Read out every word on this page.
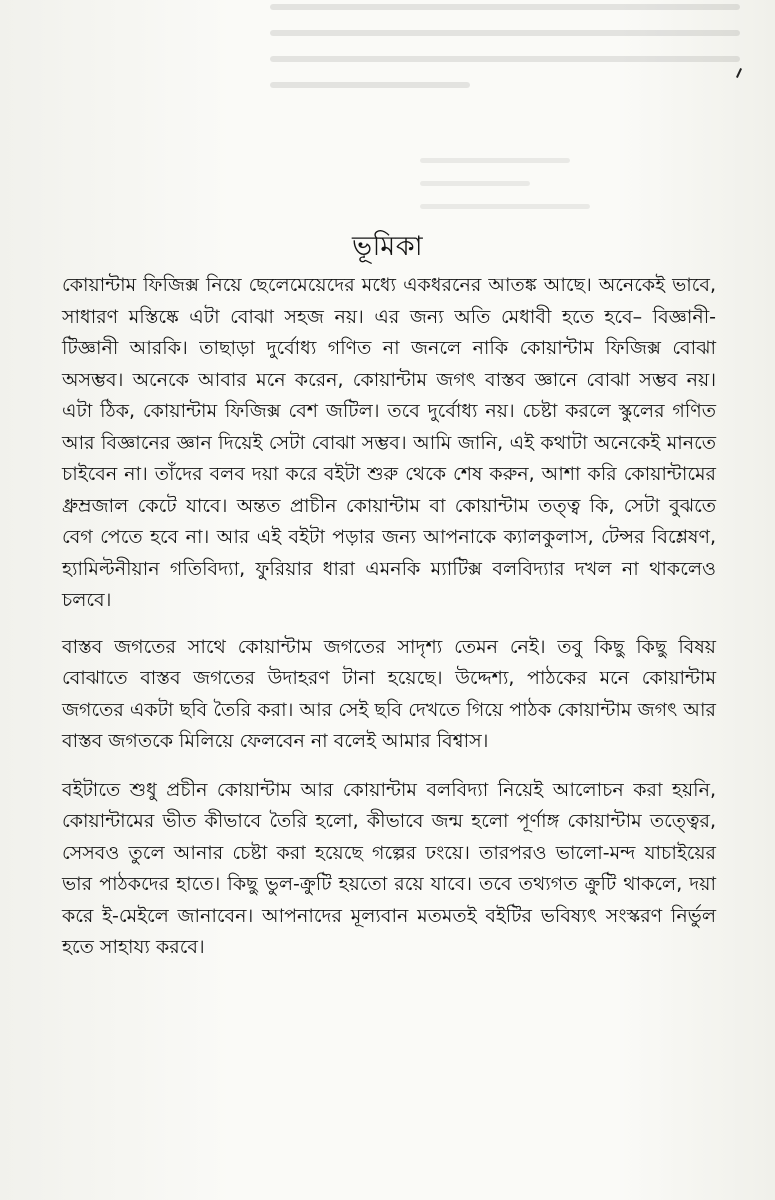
ভূমিকা

কোয়ান্টাম ফিজিক্স নিয়ে ছেলেমেয়েদের মধ্যে একধরনের আতঙ্ক আছে। অনেকেই ভাবে, সাধারণ মস্তিষ্কে এটা বোঝা সহজ নয়। এর জন্য অতি মেধাবী হতে হবে– বিজ্ঞানী-টিজ্ঞানী আরকি। তাছাড়া দুর্বোধ্য গণিত না জনলে নাকি কোয়ান্টাম ফিজিক্স বোঝা অসম্ভব। অনেকে আবার মনে করেন, কোয়ান্টাম জগৎ বাস্তব জ্ঞানে বোঝা সম্ভব নয়। এটা ঠিক, কোয়ান্টাম ফিজিক্স বেশ জটিল। তবে দুর্বোধ্য নয়। চেষ্টা করলে স্কুলের গণিত আর বিজ্ঞানের জ্ঞান দিয়েই সেটা বোঝা সম্ভব। আমি জানি, এই কথাটা অনেকেই মানতে চাইবেন না। তাঁদের বলব দয়া করে বইটা শুরু থেকে শেষ করুন, আশা করি কোয়ান্টামের ধ্রুম্রজাল কেটে যাবে। অন্তত প্রাচীন কোয়ান্টাম বা কোয়ান্টাম তত্ত্ব কি, সেটা বুঝতে বেগ পেতে হবে না। আর এই বইটা পড়ার জন্য আপনাকে ক্যালকুলাস, টেন্সর বিশ্লেষণ, হ্যামিল্টনীয়ান গতিবিদ্যা, ফুরিয়ার ধারা এমনকি ম্যাটিক্স বলবিদ্যার দখল না থাকলেও চলবে।

বাস্তব জগতের সাথে কোয়ান্টাম জগতের সাদৃশ্য তেমন নেই। তবু কিছু কিছু বিষয় বোঝাতে বাস্তব জগতের উদাহরণ টানা হয়েছে। উদ্দেশ্য, পাঠকের মনে কোয়ান্টাম জগতের একটা ছবি তৈরি করা। আর সেই ছবি দেখতে গিয়ে পাঠক কোয়ান্টাম জগৎ আর বাস্তব জগতকে মিলিয়ে ফেলবেন না বলেই আমার বিশ্বাস।

বইটাতে শুধু প্রচীন কোয়ান্টাম আর কোয়ান্টাম বলবিদ্যা নিয়েই আলোচন করা হয়নি, কোয়ান্টামের ভীত কীভাবে তৈরি হলো, কীভাবে জন্ম হলো পূর্ণাঙ্গ কোয়ান্টাম তত্ত্বের, সেসবও তুলে আনার চেষ্টা করা হয়েছে গল্পের ঢংয়ে। তারপরও ভালো-মন্দ যাচাইয়ের ভার পাঠকদের হাতে। কিছু ভুল-ক্রুটি হয়তো রয়ে যাবে। তবে তথ্যগত ক্রুটি থাকলে, দয়া করে ই-মেইলে জানাবেন। আপনাদের মূল্যবান মতমতই বইটির ভবিষ্যৎ সংস্করণ নির্ভুল হতে সাহায্য করবে।
